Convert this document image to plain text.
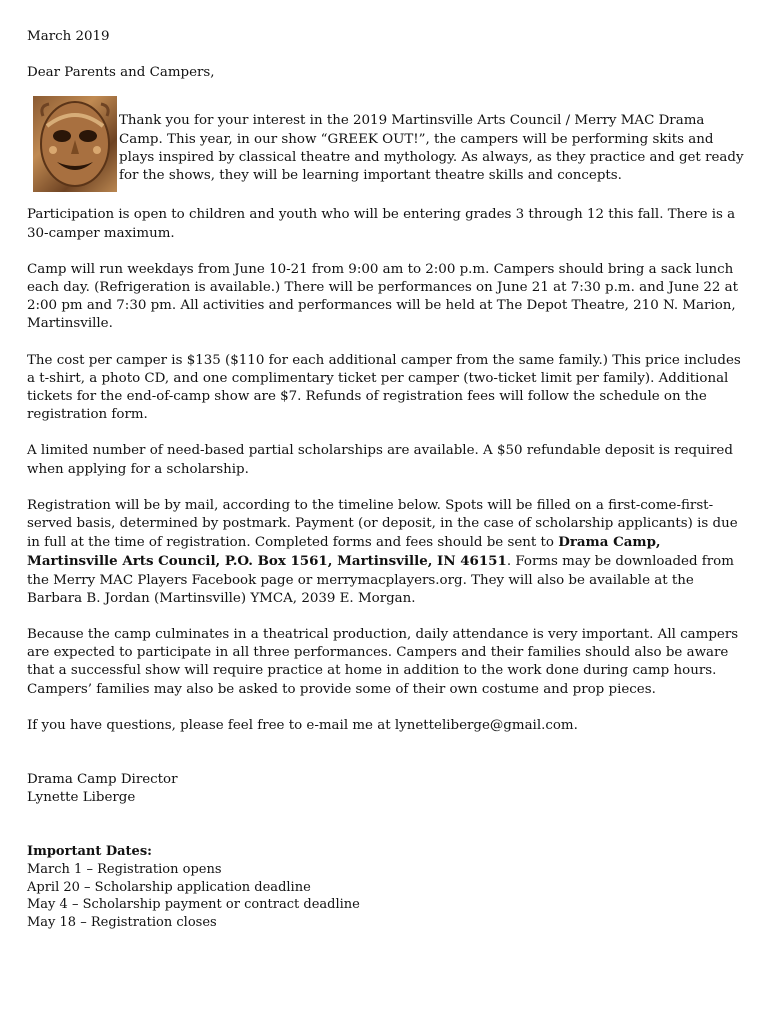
March 2019

Dear Parents and Campers,

Thank you for your interest in the 2019 Martinsville Arts Council / Merry MAC Drama Camp. This year, in our show “GREEK OUT!”, the campers will be performing skits and plays inspired by classical theatre and mythology. As always, as they practice and get ready for the shows, they will be learning important theatre skills and concepts.

Participation is open to children and youth who will be entering grades 3 through 12 this fall. There is a 30-camper maximum.

Camp will run weekdays from June 10-21 from 9:00 am to 2:00 p.m. Campers should bring a sack lunch each day. (Refrigeration is available.) There will be performances on June 21 at 7:30 p.m. and June 22 at 2:00 pm and 7:30 pm. All activities and performances will be held at The Depot Theatre, 210 N. Marion, Martinsville.

The cost per camper is $135 ($110 for each additional camper from the same family.) This price includes a t-shirt, a photo CD, and one complimentary ticket per camper (two-ticket limit per family). Additional tickets for the end-of-camp show are $7. Refunds of registration fees will follow the schedule on the registration form.

A limited number of need-based partial scholarships are available. A $50 refundable deposit is required when applying for a scholarship.

Registration will be by mail, according to the timeline below. Spots will be filled on a first-come-first-served basis, determined by postmark. Payment (or deposit, in the case of scholarship applicants) is due in full at the time of registration. Completed forms and fees should be sent to Drama Camp, Martinsville Arts Council, P.O. Box 1561, Martinsville, IN 46151. Forms may be downloaded from the Merry MAC Players Facebook page or merrymacplayers.org. They will also be available at the Barbara B. Jordan (Martinsville) YMCA, 2039 E. Morgan.

Because the camp culminates in a theatrical production, daily attendance is very important. All campers are expected to participate in all three performances. Campers and their families should also be aware that a successful show will require practice at home in addition to the work done during camp hours. Campers’ families may also be asked to provide some of their own costume and prop pieces.

If you have questions, please feel free to e-mail me at lynetteliberge@gmail.com.

Drama Camp Director

Lynette Liberge

Important Dates:

March 1 – Registration opens

April 20 – Scholarship application deadline

May 4 – Scholarship payment or contract deadline

May 18 – Registration closes
